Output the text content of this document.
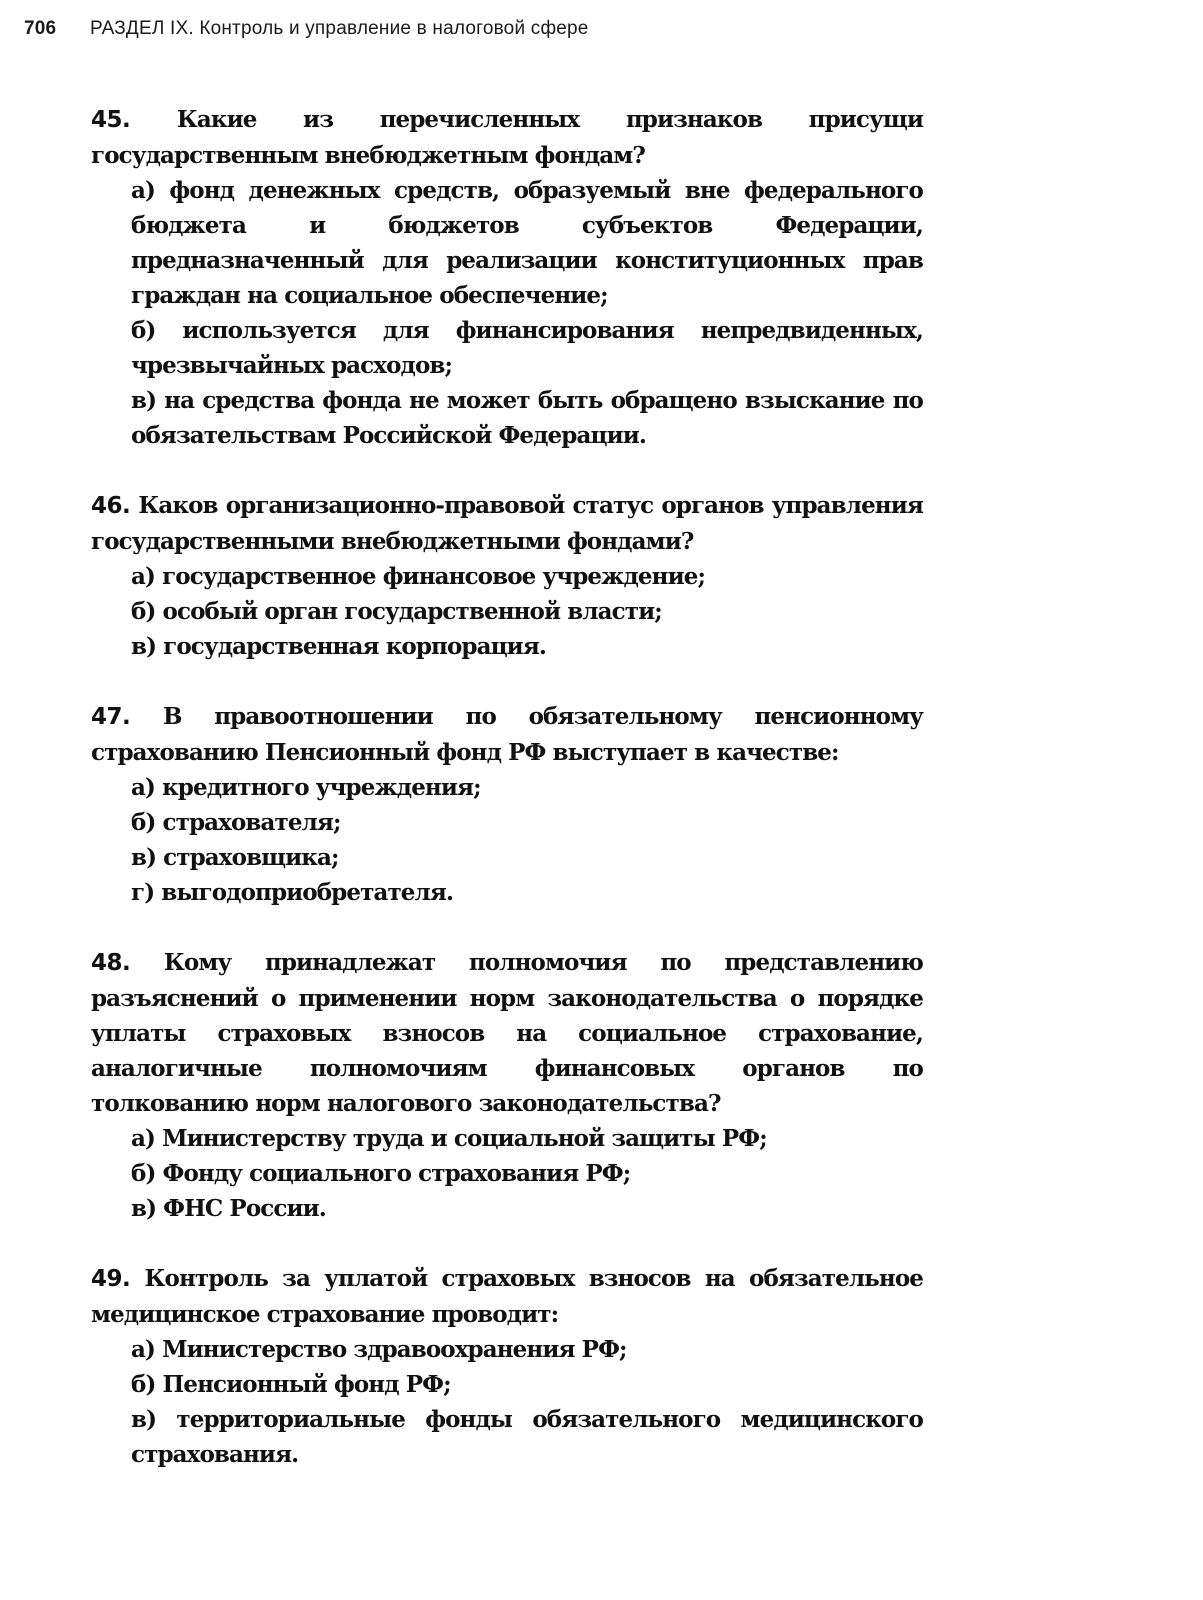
706	РАЗДЕЛ IX. Контроль и управление в налоговой сфере

45. Какие из перечисленных признаков присущи государственным внебюджетным фондам?

а) фонд денежных средств, образуемый вне федерального бюджета и бюджетов субъектов Федерации, предназначенный для реализации конституционных прав граждан на социальное обеспечение;
б) используется для финансирования непредвиденных, чрезвычайных расходов;
в) на средства фонда не может быть обращено взыскание по обязательствам Российской Федерации.

46. Каков организационно-правовой статус органов управления государственными внебюджетными фондами?

а) государственное финансовое учреждение;
б) особый орган государственной власти;
в) государственная корпорация.

47. В правоотношении по обязательному пенсионному страхованию Пенсионный фонд РФ выступает в качестве:

а) кредитного учреждения;
б) страхователя;
в) страховщика;
г) выгодоприобретателя.

48. Кому принадлежат полномочия по представлению разъяснений о применении норм законодательства о порядке уплаты страховых взносов на социальное страхование, аналогичные полномочиям финансовых органов по толкованию норм налогового законодательства?

а) Министерству труда и социальной защиты РФ;
б) Фонду социального страхования РФ;
в) ФНС России.

49. Контроль за уплатой страховых взносов на обязательное медицинское страхование проводит:

а) Министерство здравоохранения РФ;
б) Пенсионный фонд РФ;
в) территориальные фонды обязательного медицинского страхования.
